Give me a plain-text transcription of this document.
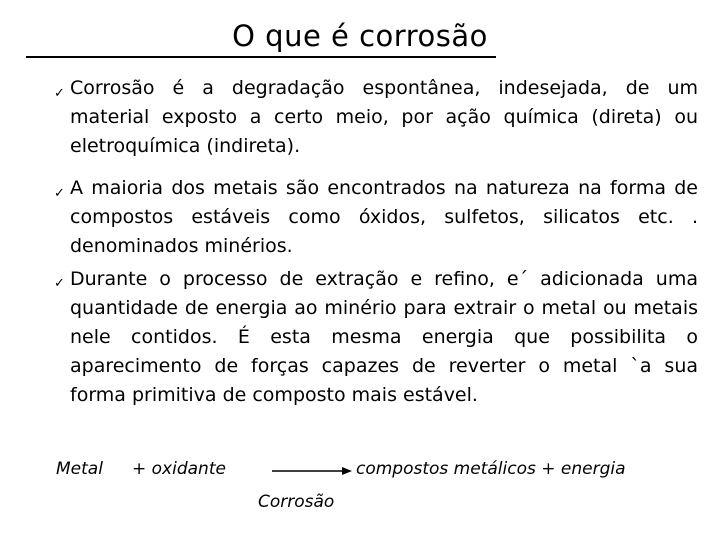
O que é corrosão
✓ Corrosão é a degradação espontânea, indesejada, de um material exposto a certo meio, por ação química (direta) ou eletroquímica (indireta).
✓ A maioria dos metais são encontrados na natureza na forma de compostos estáveis como óxidos, sulfetos, silicatos etc. . denominados minérios.
✓ Durante o processo de extração e refino, e´ adicionada uma quantidade de energia ao minério para extrair o metal ou metais nele contidos. É esta mesma energia que possibilita o aparecimento de forças capazes de reverter o metal `a sua forma primitiva de composto mais estável.
Metal + oxidante	compostos metálicos + energia
Corrosão
